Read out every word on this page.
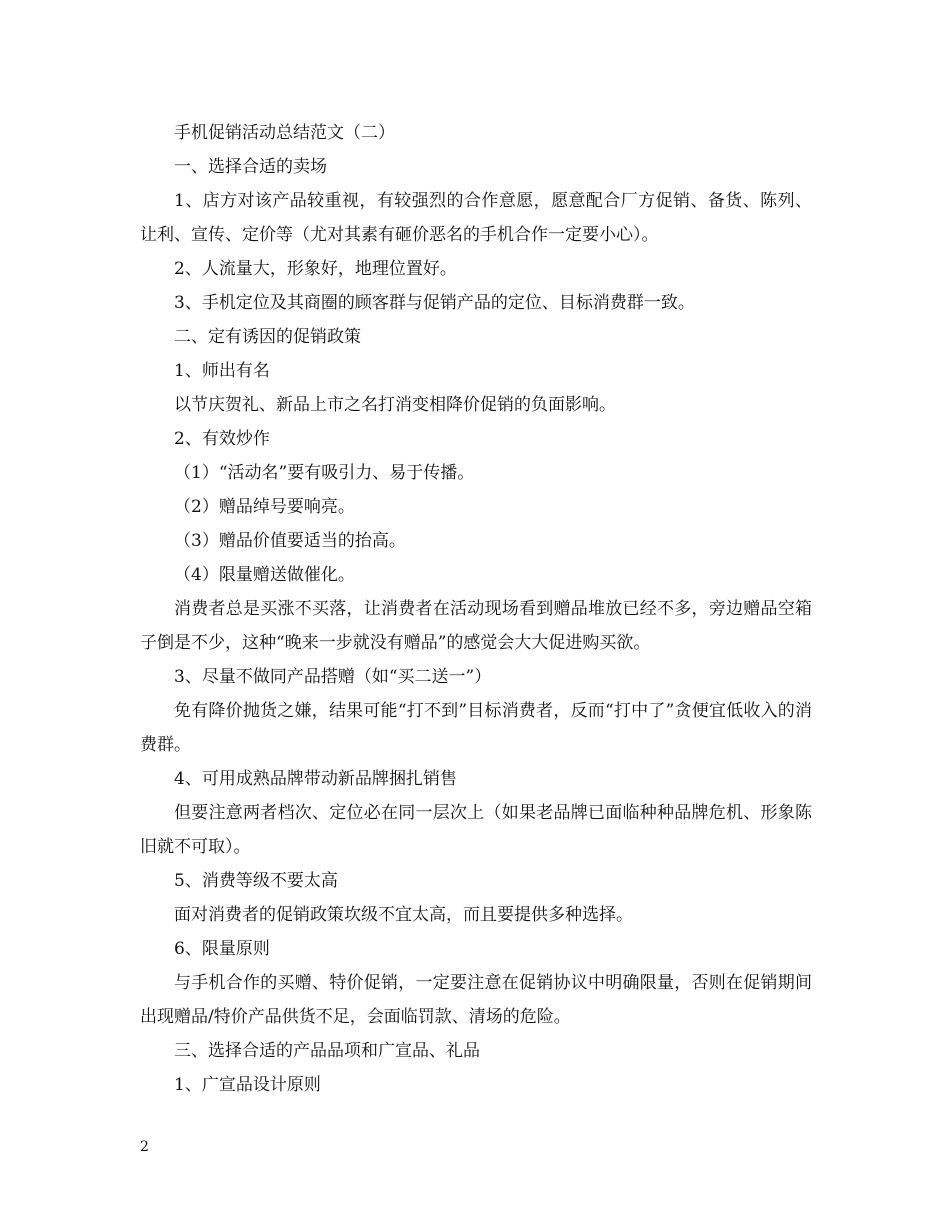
手机促销活动总结范文（二）

一、选择合适的卖场

1、店方对该产品较重视，有较强烈的合作意愿，愿意配合厂方促销、备货、陈列、让利、宣传、定价等（尤对其素有砸价恶名的手机合作一定要小心）。

2、人流量大，形象好，地理位置好。

3、手机定位及其商圈的顾客群与促销产品的定位、目标消费群一致。

二、定有诱因的促销政策

1、师出有名

以节庆贺礼、新品上市之名打消变相降价促销的负面影响。

2、有效炒作

（1）“活动名”要有吸引力、易于传播。

（2）赠品绰号要响亮。

（3）赠品价值要适当的抬高。

（4）限量赠送做催化。

消费者总是买涨不买落，让消费者在活动现场看到赠品堆放已经不多，旁边赠品空箱子倒是不少，这种“晚来一步就没有赠品”的感觉会大大促进购买欲。

3、尽量不做同产品搭赠（如“买二送一”）

免有降价抛货之嫌，结果可能“打不到”目标消费者，反而“打中了”贪便宜低收入的消费群。

4、可用成熟品牌带动新品牌捆扎销售

但要注意两者档次、定位必在同一层次上（如果老品牌已面临种种品牌危机、形象陈旧就不可取）。

5、消费等级不要太高

面对消费者的促销政策坎级不宜太高，而且要提供多种选择。

6、限量原则

与手机合作的买赠、特价促销，一定要注意在促销协议中明确限量，否则在促销期间出现赠品/特价产品供货不足，会面临罚款、清场的危险。

三、选择合适的产品品项和广宣品、礼品

1、广宣品设计原则

2
